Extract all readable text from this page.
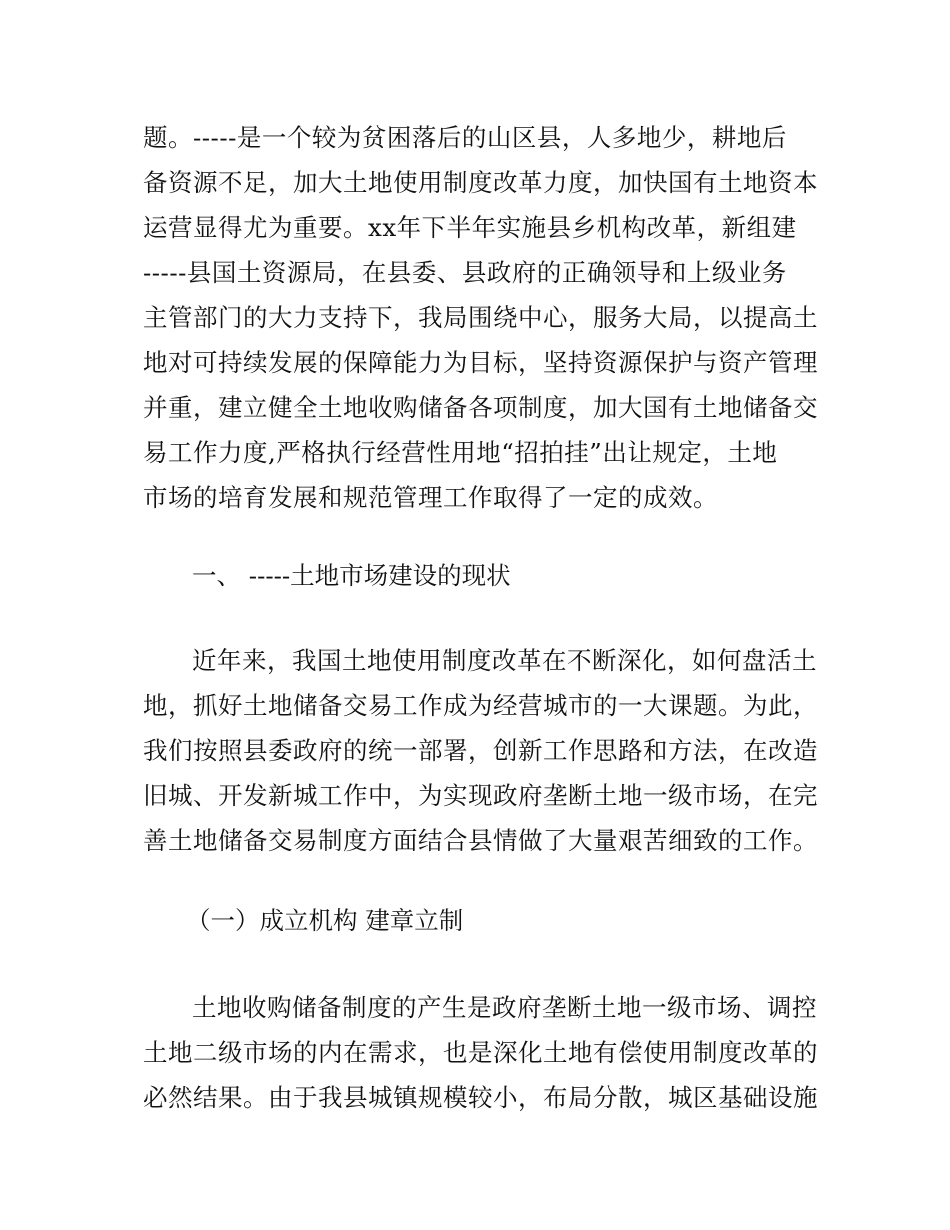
题。-----是一个较为贫困落后的山区县，人多地少，耕地后
备资源不足，加大土地使用制度改革力度，加快国有土地资本
运营显得尤为重要。xx年下半年实施县乡机构改革，新组建
-----县国土资源局，在县委、县政府的正确领导和上级业务
主管部门的大力支持下，我局围绕中心，服务大局，以提高土
地对可持续发展的保障能力为目标，坚持资源保护与资产管理
并重，建立健全土地收购储备各项制度，加大国有土地储备交
易工作力度,严格执行经营性用地“招拍挂”出让规定，土地
市场的培育发展和规范管理工作取得了一定的成效。
一、 -----土地市场建设的现状
近年来，我国土地使用制度改革在不断深化，如何盘活土
地，抓好土地储备交易工作成为经营城市的一大课题。为此，
我们按照县委政府的统一部署，创新工作思路和方法，在改造
旧城、开发新城工作中，为实现政府垄断土地一级市场，在完
善土地储备交易制度方面结合县情做了大量艰苦细致的工作。
（一）成立机构 建章立制
土地收购储备制度的产生是政府垄断土地一级市场、调控
土地二级市场的内在需求，也是深化土地有偿使用制度改革的
必然结果。由于我县城镇规模较小，布局分散，城区基础设施
